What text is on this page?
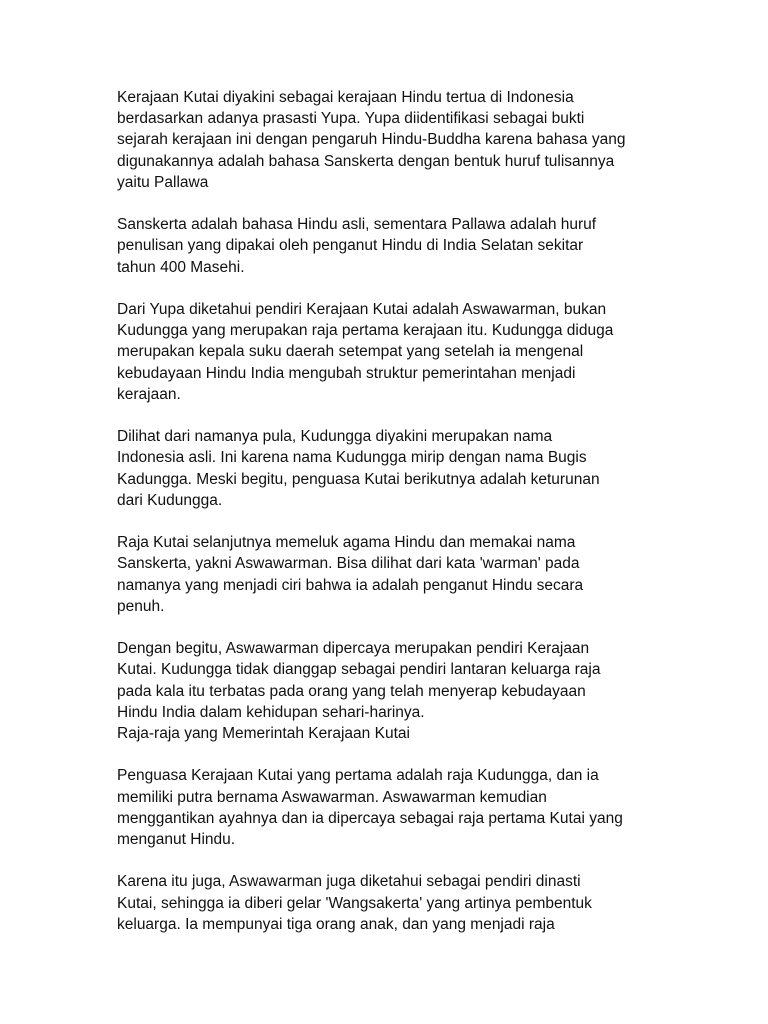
Kerajaan Kutai diyakini sebagai kerajaan Hindu tertua di Indonesia
berdasarkan adanya prasasti Yupa. Yupa diidentifikasi sebagai bukti
sejarah kerajaan ini dengan pengaruh Hindu-Buddha karena bahasa yang
digunakannya adalah bahasa Sanskerta dengan bentuk huruf tulisannya
yaitu Pallawa

Sanskerta adalah bahasa Hindu asli, sementara Pallawa adalah huruf
penulisan yang dipakai oleh penganut Hindu di India Selatan sekitar
tahun 400 Masehi.

Dari Yupa diketahui pendiri Kerajaan Kutai adalah Aswawarman, bukan
Kudungga yang merupakan raja pertama kerajaan itu. Kudungga diduga
merupakan kepala suku daerah setempat yang setelah ia mengenal
kebudayaan Hindu India mengubah struktur pemerintahan menjadi
kerajaan.

Dilihat dari namanya pula, Kudungga diyakini merupakan nama
Indonesia asli. Ini karena nama Kudungga mirip dengan nama Bugis
Kadungga. Meski begitu, penguasa Kutai berikutnya adalah keturunan
dari Kudungga.

Raja Kutai selanjutnya memeluk agama Hindu dan memakai nama
Sanskerta, yakni Aswawarman. Bisa dilihat dari kata 'warman' pada
namanya yang menjadi ciri bahwa ia adalah penganut Hindu secara
penuh.

Dengan begitu, Aswawarman dipercaya merupakan pendiri Kerajaan
Kutai. Kudungga tidak dianggap sebagai pendiri lantaran keluarga raja
pada kala itu terbatas pada orang yang telah menyerap kebudayaan
Hindu India dalam kehidupan sehari-harinya.

Raja-raja yang Memerintah Kerajaan Kutai

Penguasa Kerajaan Kutai yang pertama adalah raja Kudungga, dan ia
memiliki putra bernama Aswawarman. Aswawarman kemudian
menggantikan ayahnya dan ia dipercaya sebagai raja pertama Kutai yang
menganut Hindu.

Karena itu juga, Aswawarman juga diketahui sebagai pendiri dinasti
Kutai, sehingga ia diberi gelar 'Wangsakerta' yang artinya pembentuk
keluarga. Ia mempunyai tiga orang anak, dan yang menjadi raja
